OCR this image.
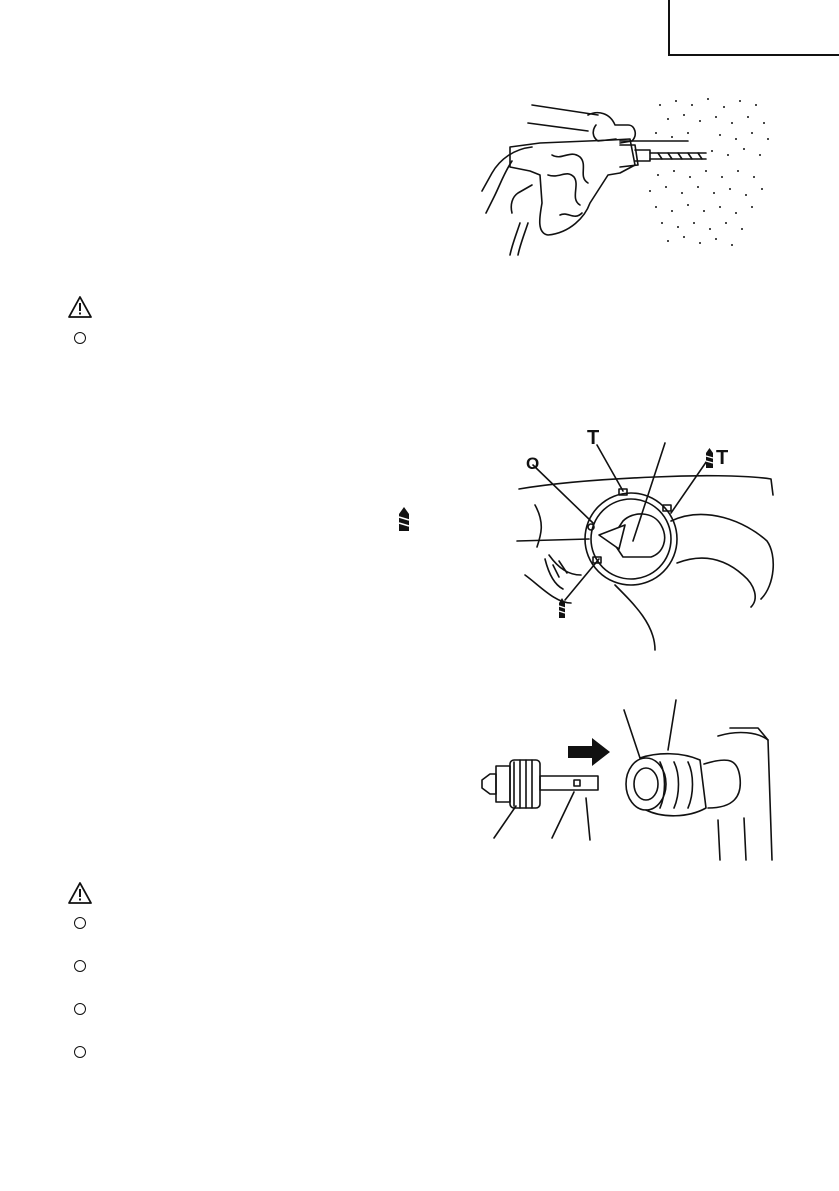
O
T
T
